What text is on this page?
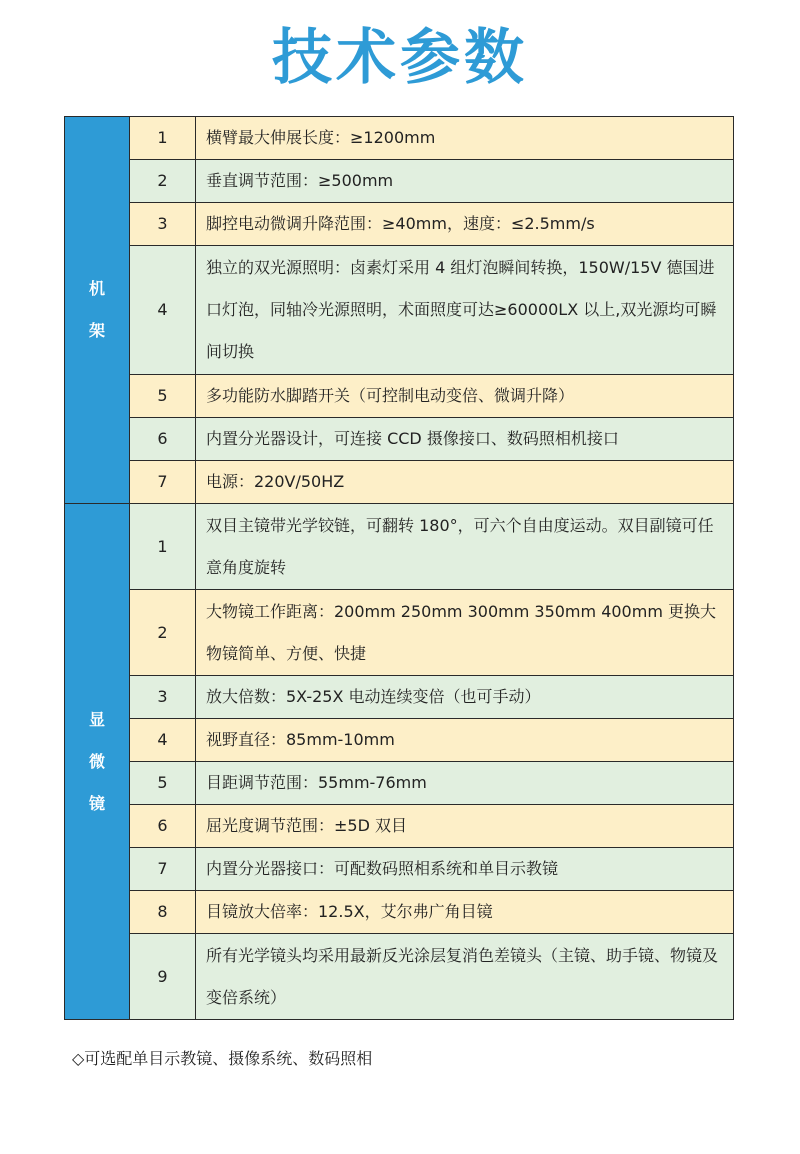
技术参数
机
架	1	横臂最大伸展长度：≥1200mm
	2	垂直调节范围：≥500mm
	3	脚控电动微调升降范围：≥40mm，速度：≤2.5mm/s
	4	独立的双光源照明：卤素灯采用 4 组灯泡瞬间转换，150W/15V 德国进口灯泡，同轴冷光源照明，术面照度可达≥60000LX 以上,双光源均可瞬间切换
	5	多功能防水脚踏开关（可控制电动变倍、微调升降）
	6	内置分光器设计，可连接 CCD 摄像接口、数码照相机接口
	7	电源：220V/50HZ

显
微
镜	1	双目主镜带光学铰链，可翻转 180°，可六个自由度运动。双目副镜可任意角度旋转
	2	大物镜工作距离：200mm 250mm 300mm 350mm 400mm 更换大物镜简单、方便、快捷
	3	放大倍数：5X-25X 电动连续变倍（也可手动）
	4	视野直径：85mm-10mm
	5	目距调节范围：55mm-76mm
	6	屈光度调节范围：±5D 双目
	7	内置分光器接口：可配数码照相系统和单目示教镜
	8	目镜放大倍率：12.5X，艾尔弗广角目镜
	9	所有光学镜头均采用最新反光涂层复消色差镜头（主镜、助手镜、物镜及变倍系统）
◇可选配单目示教镜、摄像系统、数码照相
